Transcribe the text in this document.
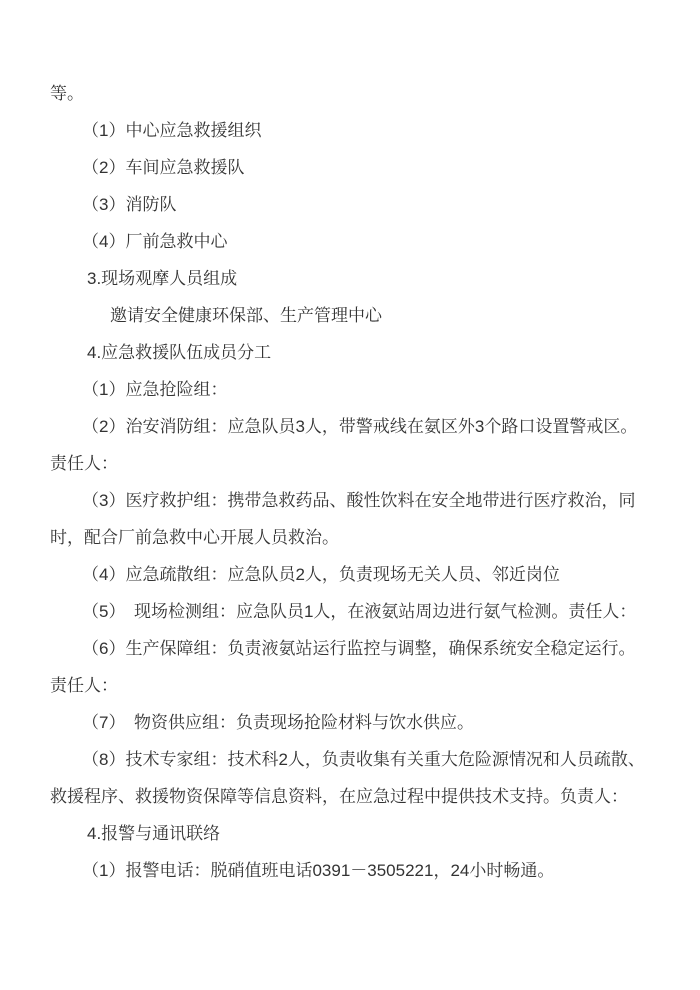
等。
（1）中心应急救援组织
（2）车间应急救援队
（3）消防队
（4）厂前急救中心
3.现场观摩人员组成
邀请安全健康环保部、生产管理中心
4.应急救援队伍成员分工
（1）应急抢险组：
（2）治安消防组：应急队员3人，带警戒线在氨区外3个路口设置警戒区。
责任人：
（3）医疗救护组：携带急救药品、酸性饮料在安全地带进行医疗救治，同
时，配合厂前急救中心开展人员救治。
（4）应急疏散组：应急队员2人，负责现场无关人员、邻近岗位
（5）　现场检测组：应急队员1人，在液氨站周边进行氨气检测。责任人：
（6）生产保障组：负责液氨站运行监控与调整，确保系统安全稳定运行。
责任人：
（7）　物资供应组：负责现场抢险材料与饮水供应。
（8）技术专家组：技术科2人，负责收集有关重大危险源情况和人员疏散、
救援程序、救援物资保障等信息资料，在应急过程中提供技术支持。负责人：
4.报警与通讯联络
（1）报警电话：脱硝值班电话0391－3505221，24小时畅通。
